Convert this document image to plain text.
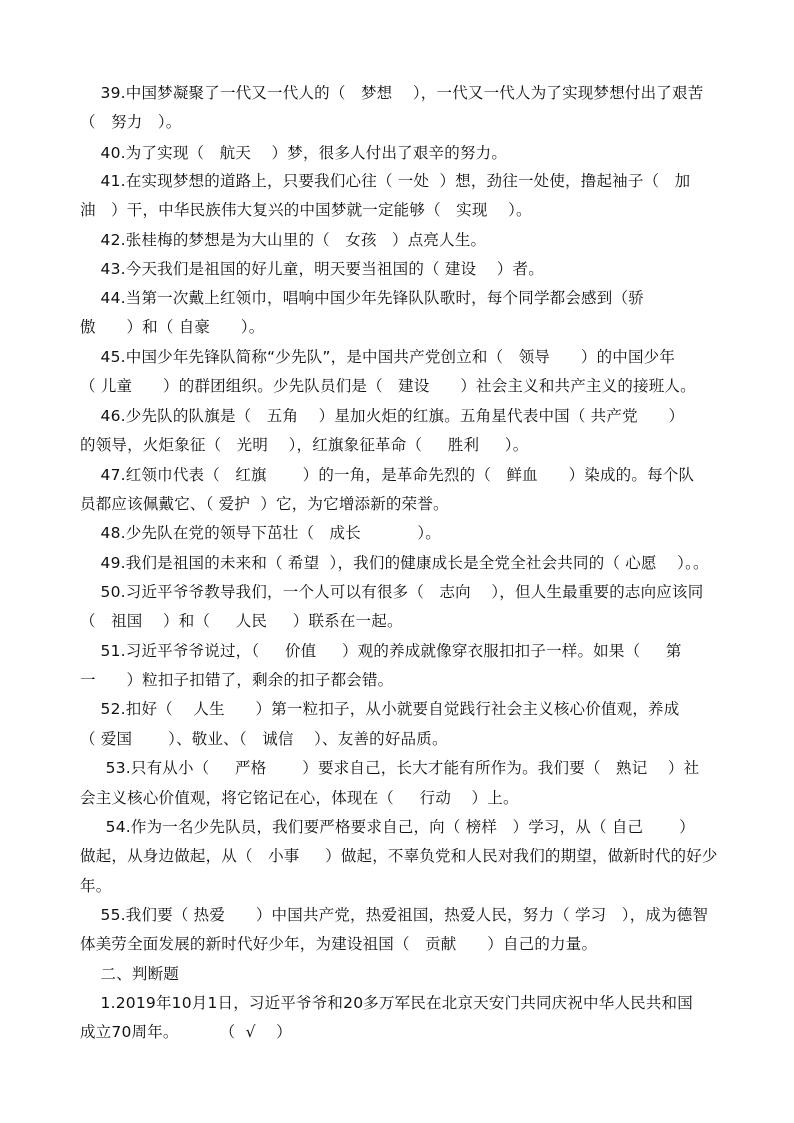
39.中国梦凝聚了一代又一代人的（   梦想    ），一代又一代人为了实现梦想付出了艰苦
（   努力   ）。
40.为了实现（   航天    ）梦，很多人付出了艰辛的努力。
41.在实现梦想的道路上，只要我们心往（ 一处  ）想，劲往一处使，撸起袖子（   加
油   ）干，中华民族伟大复兴的中国梦就一定能够（   实现    ）。
42.张桂梅的梦想是为大山里的（   女孩   ）点亮人生。
43.今天我们是祖国的好儿童，明天要当祖国的（ 建设    ）者。
44.当第一次戴上红领巾，唱响中国少年先锋队队歌时，每个同学都会感到（骄
傲      ）和（ 自豪      ）。
45.中国少年先锋队简称“少先队”，是中国共产党创立和（   领导      ）的中国少年
（ 儿童      ）的群团组织。少先队员们是（   建设      ）社会主义和共产主义的接班人。
46.少先队的队旗是（   五角    ）星加火炬的红旗。五角星代表中国（ 共产党      ）
的领导，火炬象征（   光明    ），红旗象征革命（     胜利     ）。
47.红领巾代表（   红旗       ）的一角，是革命先烈的（   鲜血      ）染成的。每个队
员都应该佩戴它、（ 爱护  ）它，为它增添新的荣誉。
48.少先队在党的领导下茁壮（   成长           ）。
49.我们是祖国的未来和（ 希望  ），我们的健康成长是全党全社会共同的（ 心愿    ）。。
50.习近平爷爷教导我们，一个人可以有很多（   志向    ），但人生最重要的志向应该同
（   祖国    ）和（     人民     ）联系在一起。
51.习近平爷爷说过，（     价值     ）观的养成就像穿衣服扣扣子一样。如果（     第
一      ）粒扣子扣错了，剩余的扣子都会错。
52.扣好（    人生      ）第一粒扣子，从小就要自觉践行社会主义核心价值观，养成
（ 爱国       ）、敬业、（   诚信    ）、友善的好品质。
53.只有从小（     严格       ）要求自己，长大才能有所作为。我们要（   熟记    ）社
会主义核心价值观，将它铭记在心，体现在（     行动    ）上。
54.作为一名少先队员，我们要严格要求自己，向（ 榜样   ）学习，从（ 自己       ）
做起，从身边做起，从（   小事     ）做起，不辜负党和人民对我们的期望，做新时代的好少
年。
55.我们要（ 热爱      ）中国共产党，热爱祖国，热爱人民，努力（ 学习   ），成为德智
体美劳全面发展的新时代好少年，为建设祖国（   贡献      ）自己的力量。
二、判断题
1.2019年10月1日，习近平爷爷和20多万军民在北京天安门共同庆祝中华人民共和国
成立70周年。        （  √    ）
